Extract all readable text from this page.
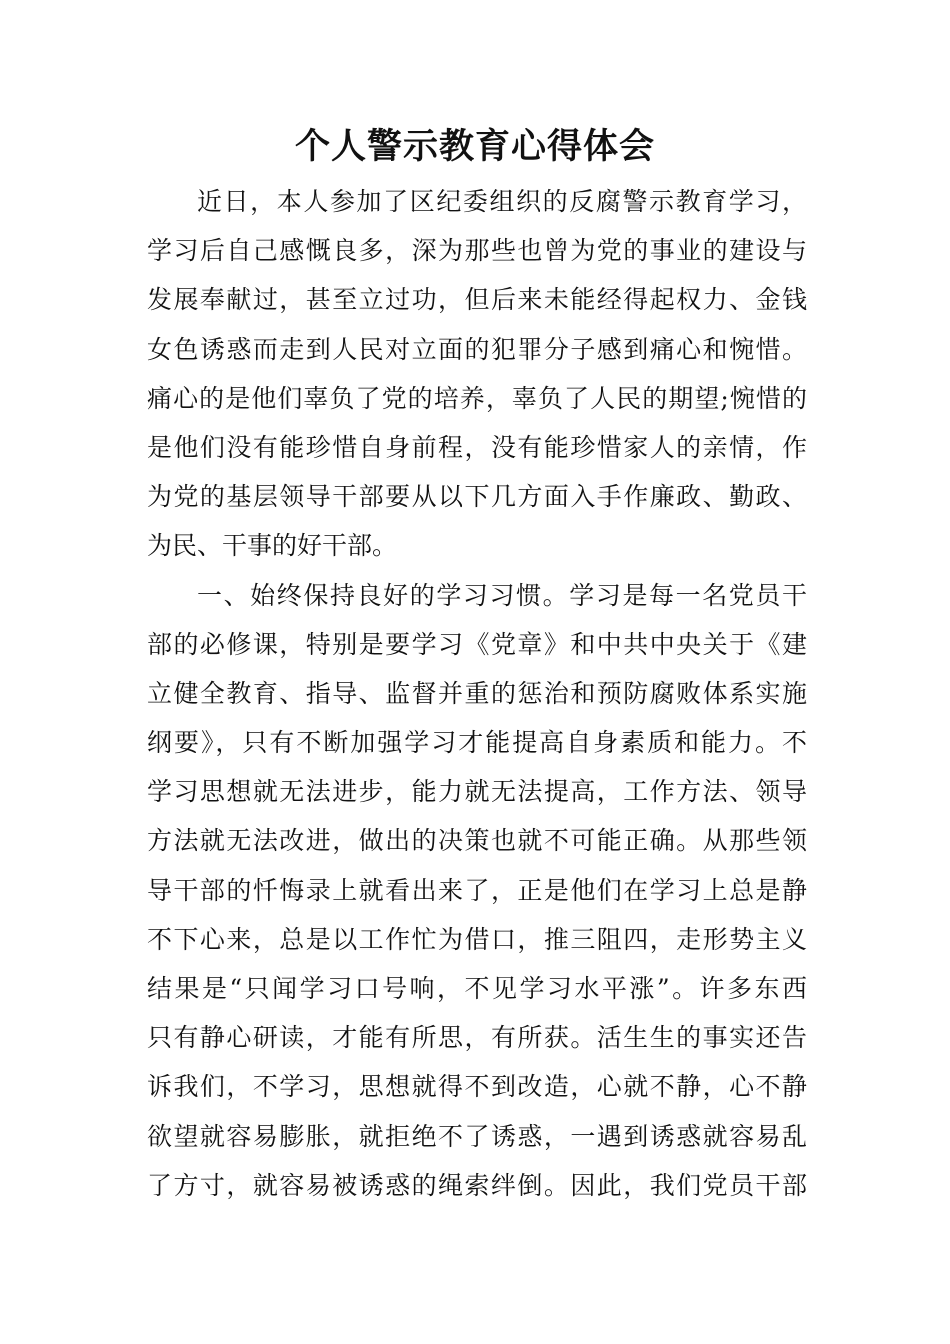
个人警示教育心得体会
近日，本人参加了区纪委组织的反腐警示教育学习，
学习后自己感慨良多，深为那些也曾为党的事业的建设与
发展奉献过，甚至立过功，但后来未能经得起权力、金钱
女色诱惑而走到人民对立面的犯罪分子感到痛心和惋惜。
痛心的是他们辜负了党的培养，辜负了人民的期望;惋惜的
是他们没有能珍惜自身前程，没有能珍惜家人的亲情，作
为党的基层领导干部要从以下几方面入手作廉政、勤政、
为民、干事的好干部。
一、始终保持良好的学习习惯。学习是每一名党员干
部的必修课，特别是要学习《党章》和中共中央关于《建
立健全教育、指导、监督并重的惩治和预防腐败体系实施
纲要》，只有不断加强学习才能提高自身素质和能力。不
学习思想就无法进步，能力就无法提高，工作方法、领导
方法就无法改进，做出的决策也就不可能正确。从那些领
导干部的忏悔录上就看出来了，正是他们在学习上总是静
不下心来，总是以工作忙为借口，推三阻四，走形势主义
结果是“只闻学习口号响，不见学习水平涨”。许多东西
只有静心研读，才能有所思，有所获。活生生的事实还告
诉我们，不学习，思想就得不到改造，心就不静，心不静
欲望就容易膨胀，就拒绝不了诱惑，一遇到诱惑就容易乱
了方寸，就容易被诱惑的绳索绊倒。因此，我们党员干部
